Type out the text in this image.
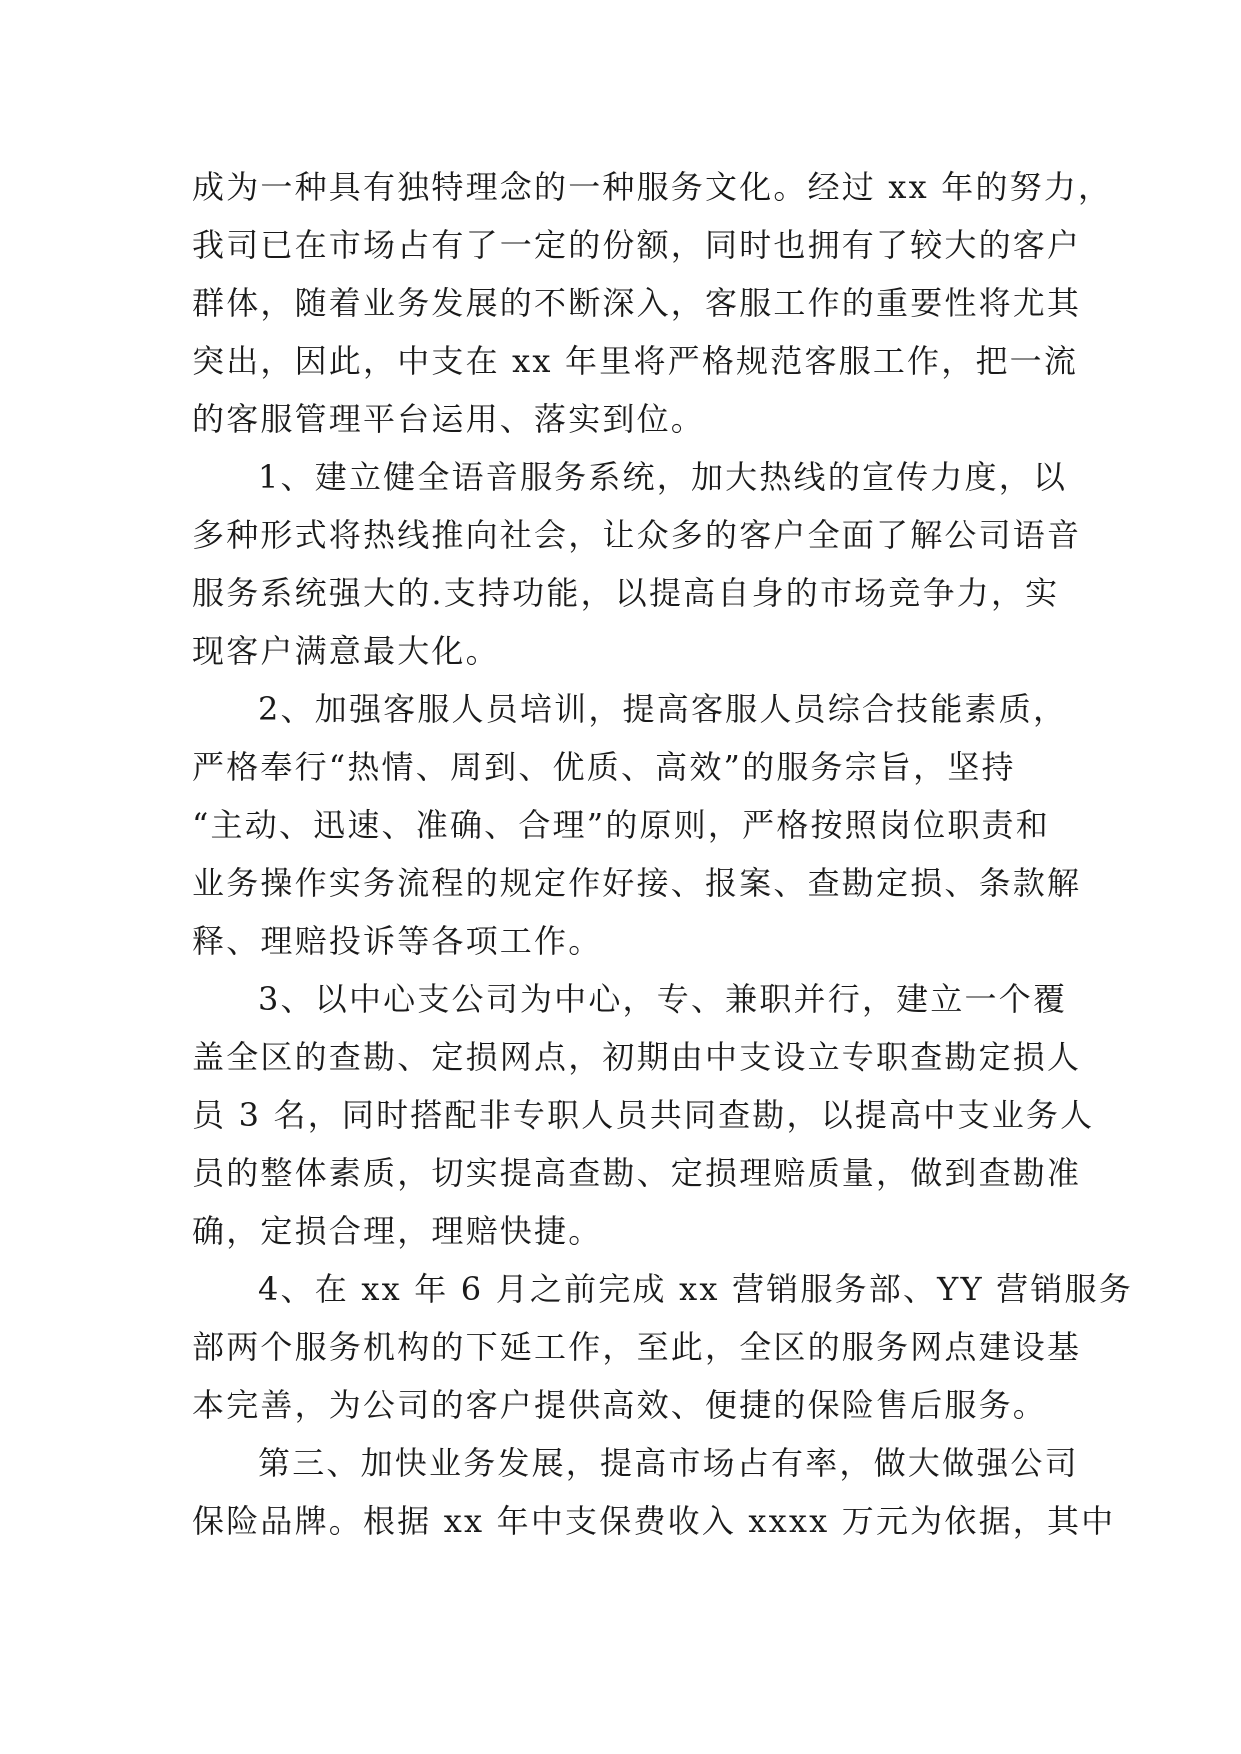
成为一种具有独特理念的一种服务文化。经过 xx 年的努力，
我司已在市场占有了一定的份额，同时也拥有了较大的客户
群体，随着业务发展的不断深入，客服工作的重要性将尤其
突出，因此，中支在 xx 年里将严格规范客服工作，把一流
的客服管理平台运用、落实到位。
1、建立健全语音服务系统，加大热线的宣传力度，以
多种形式将热线推向社会，让众多的客户全面了解公司语音
服务系统强大的.支持功能，以提高自身的市场竞争力，实
现客户满意最大化。
2、加强客服人员培训，提高客服人员综合技能素质，
严格奉行“热情、周到、优质、高效”的服务宗旨，坚持
“主动、迅速、准确、合理”的原则，严格按照岗位职责和
业务操作实务流程的规定作好接、报案、查勘定损、条款解
释、理赔投诉等各项工作。
3、以中心支公司为中心，专、兼职并行，建立一个覆
盖全区的查勘、定损网点，初期由中支设立专职查勘定损人
员 3 名，同时搭配非专职人员共同查勘，以提高中支业务人
员的整体素质，切实提高查勘、定损理赔质量，做到查勘准
确，定损合理，理赔快捷。
4、在 xx 年 6 月之前完成 xx 营销服务部、YY 营销服务
部两个服务机构的下延工作，至此，全区的服务网点建设基
本完善，为公司的客户提供高效、便捷的保险售后服务。
第三、加快业务发展，提高市场占有率，做大做强公司
保险品牌。根据 xx 年中支保费收入 xxxx 万元为依据，其中
